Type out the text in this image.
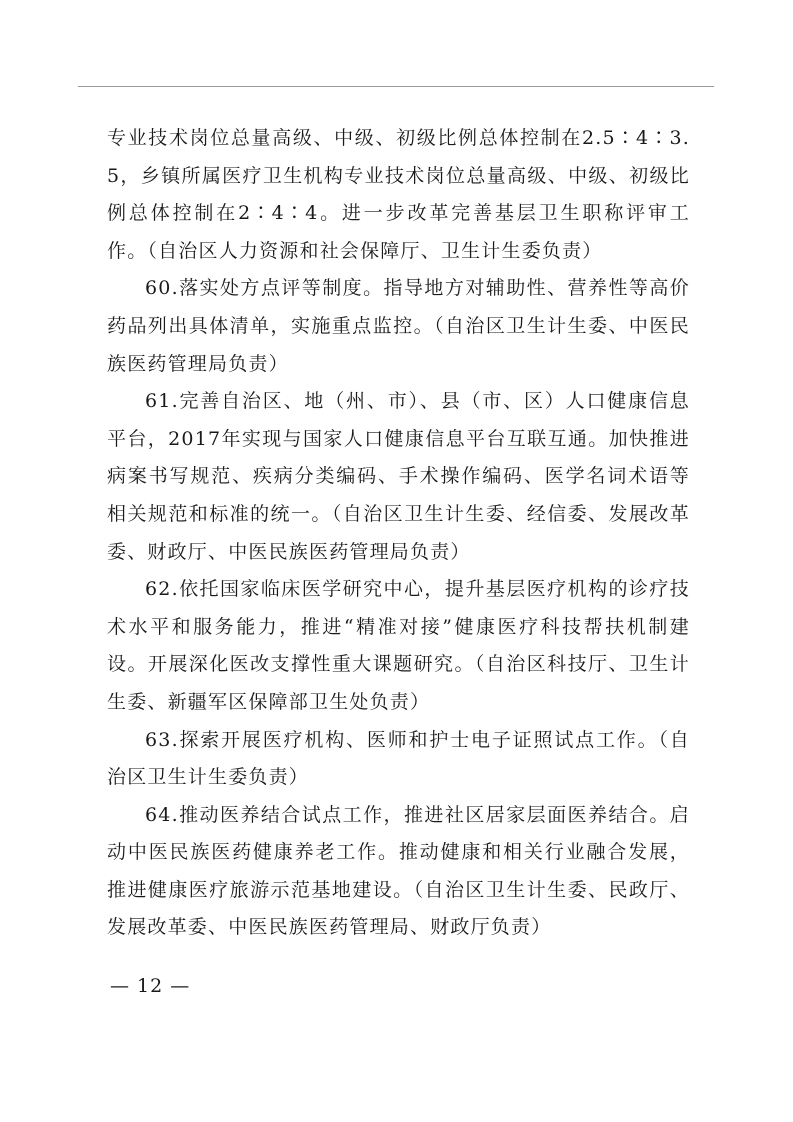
专业技术岗位总量高级、中级、初级比例总体控制在2.5∶4∶3.5，乡镇所属医疗卫生机构专业技术岗位总量高级、中级、初级比例总体控制在2∶4∶4。进一步改革完善基层卫生职称评审工作。（自治区人力资源和社会保障厅、卫生计生委负责）

60.落实处方点评等制度。指导地方对辅助性、营养性等高价药品列出具体清单，实施重点监控。（自治区卫生计生委、中医民族医药管理局负责）

61.完善自治区、地（州、市）、县（市、区）人口健康信息平台，2017年实现与国家人口健康信息平台互联互通。加快推进病案书写规范、疾病分类编码、手术操作编码、医学名词术语等相关规范和标准的统一。（自治区卫生计生委、经信委、发展改革委、财政厅、中医民族医药管理局负责）

62.依托国家临床医学研究中心，提升基层医疗机构的诊疗技术水平和服务能力，推进“精准对接”健康医疗科技帮扶机制建设。开展深化医改支撑性重大课题研究。（自治区科技厅、卫生计生委、新疆军区保障部卫生处负责）

63.探索开展医疗机构、医师和护士电子证照试点工作。（自治区卫生计生委负责）

64.推动医养结合试点工作，推进社区居家层面医养结合。启动中医民族医药健康养老工作。推动健康和相关行业融合发展，推进健康医疗旅游示范基地建设。（自治区卫生计生委、民政厅、发展改革委、中医民族医药管理局、财政厅负责）

— 12 —
